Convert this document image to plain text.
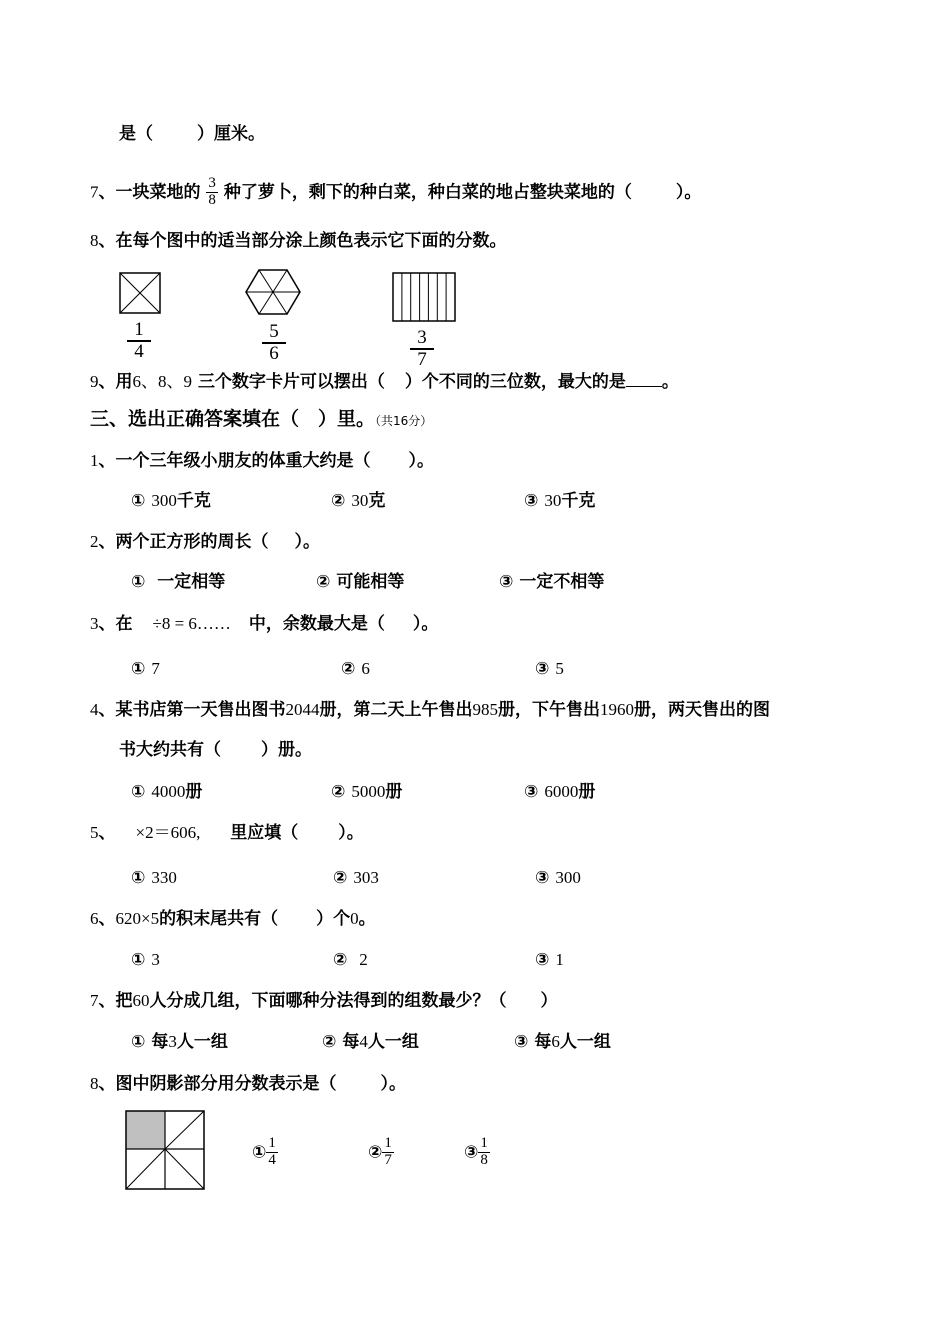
是（	）厘米。
7、一块菜地的 $\frac{3}{8}$ 种了萝卜，剩下的种白菜，种白菜的地占整块菜地的（	）。
8、在每个图中的适当部分涂上颜色表示它下面的分数。
1
4
5
6
3
7
9、用6、8、9 三个数字卡片可以摆出（ ）个不同的三位数，最大的是 。
三、选出正确答案填在（　）里。（共16分）
1、一个三年级小朋友的体重大约是（ ）。
① 300千克	② 30克	③ 30千克
2、两个正方形的周长（ ）。
① 一定相等	② 可能相等	③ 一定不相等
3、在 ÷8 = 6…… 中，余数最大是（ ）。
① 7	② 6	③ 5
4、某书店第一天售出图书2044册，第二天上午售出985册，下午售出1960册，两天售出的图
书大约共有（ ）册。
① 4000册	② 5000册	③ 6000册
5、 ×2＝606, 里应填（ ）。
① 330	② 303	③ 300
6、620×5的积末尾共有（ ）个0。
① 3	② 2	③ 1
7、把60人分成几组，下面哪种分法得到的组数最少？（ ）
① 每3人一组	② 每4人一组	③ 每6人一组
8、图中阴影部分用分数表示是（	）。
① $\frac{1}{4}$	② $\frac{1}{7}$	③ $\frac{1}{8}$
